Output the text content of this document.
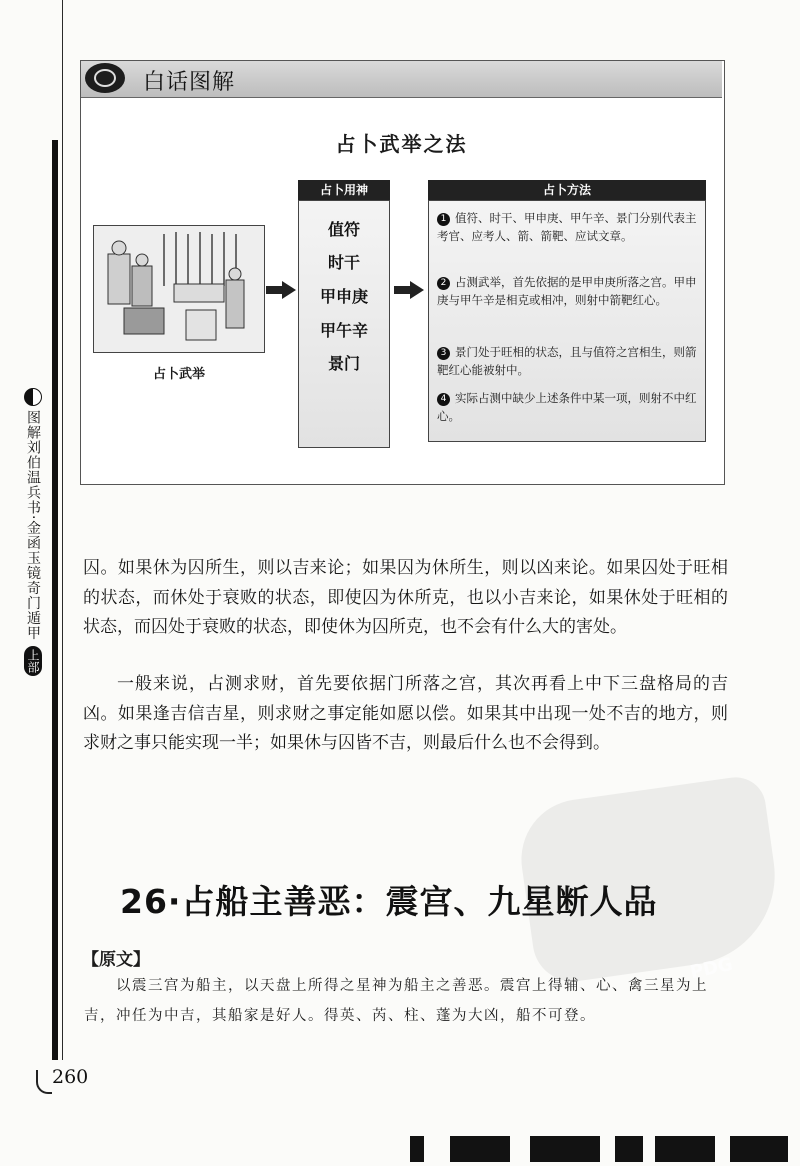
图解刘伯温兵书·金函玉镜奇门遁甲
上部
白话图解
占卜武举之法
占卜武举
占卜用神
值符
时干
甲申庚
甲午辛
景门
占卜方法
1 值符、时干、甲申庚、甲午辛、景门分别代表主考官、应考人、箭、箭靶、应试文章。
2 占测武举，首先依据的是甲申庚所落之宫。甲申庚与甲午辛是相克或相冲，则射中箭靶红心。
3 景门处于旺相的状态，且与值符之宫相生，则箭靶红心能被射中。
4 实际占测中缺少上述条件中某一项，则射不中红心。
PDG

囚。如果休为囚所生，则以吉来论；如果囚为休所生，则以凶来论。如果囚处于旺相的状态，而休处于衰败的状态，即使囚为休所克，也以小吉来论，如果休处于旺相的状态，而囚处于衰败的状态，即使休为囚所克，也不会有什么大的害处。

一般来说，占测求财，首先要依据门所落之宫，其次再看上中下三盘格局的吉凶。如果逢吉信吉星，则求财之事定能如愿以偿。如果其中出现一处不吉的地方，则求财之事只能实现一半；如果休与囚皆不吉，则最后什么也不会得到。

26·占船主善恶：震宫、九星断人品
【原文】

以震三宫为船主，以天盘上所得之星神为船主之善恶。震宫上得辅、心、禽三星为上吉，冲任为中吉，其船家是好人。得英、芮、柱、蓬为大凶，船不可登。

260
